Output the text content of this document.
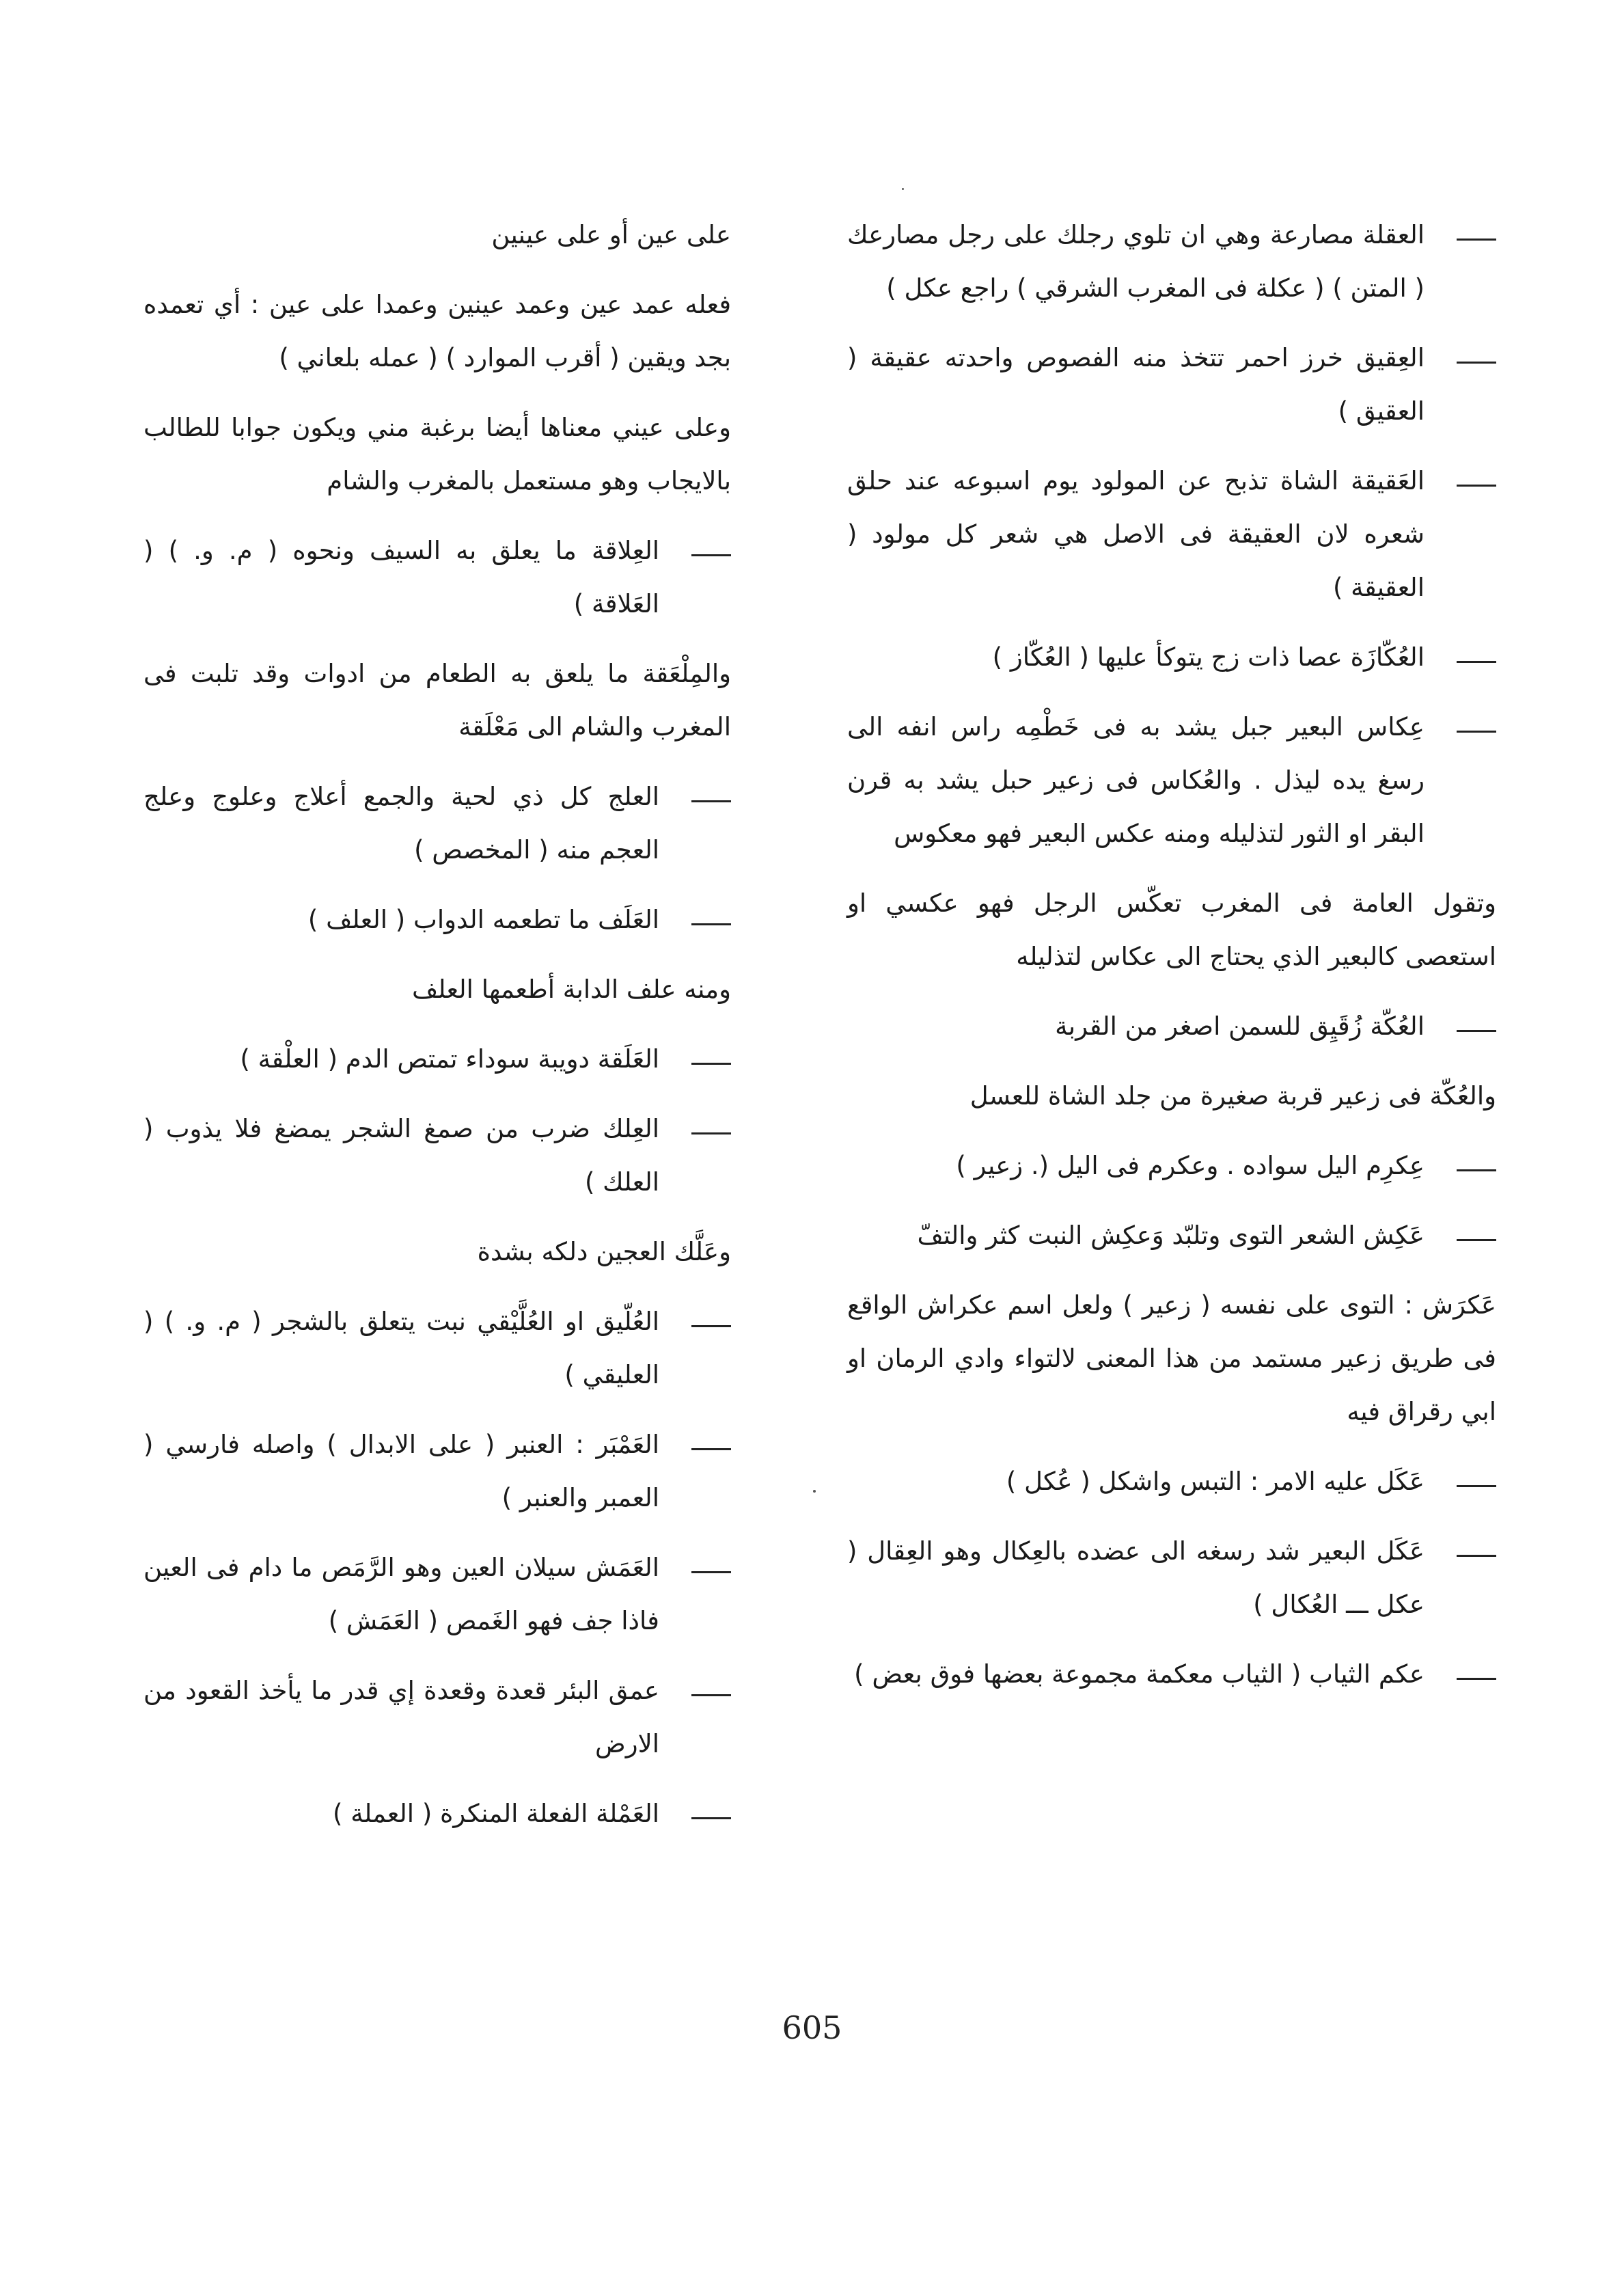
العقلة مصارعة وهي ان تلوي رجلك على رجل مصارعك ( المتن ) ( عكلة فى المغرب الشرقي ) راجع عكل )
العِقيق خرز احمر تتخذ منه الفصوص واحدته عقيقة ( العقيق )
العَقيقة الشاة تذبح عن المولود يوم اسبوعه عند حلق شعره لان العقيقة فى الاصل هي شعر كل مولود ( العقيقة )
العُكّازَة عصا ذات زج يتوكأ عليها ( العُكّاز )
عِكاس البعير جبل يشد به فى خَطْمِه راس انفه الى رسغ يده ليذل . والعُكاس فى زعير حبل يشد به قرن البقر او الثور لتذليله ومنه عكس البعير فهو معكوس
وتقول العامة فى المغرب تعكّس الرجل فهو عكسي او استعصى كالبعير الذي يحتاج الى عكاس لتذليله
العُكّة زُقَيِق للسمن اصغر من القربة
والعُكّة فى زعير قربة صغيرة من جلد الشاة للعسل
عِكرِم اليل سواده . وعكرم فى اليل (. زعير )
عَكِش الشعر التوى وتلبّد وَعكِش النبت كثر والتفّ
عَكرَش : التوى على نفسه ( زعير ) ولعل اسم عكراش الواقع فى طريق زعير مستمد من هذا المعنى لالتواء وادي الرمان او ابي رقراق فيه
عَكَل عليه الامر : التبس واشكل ( عُكل )
عَكَل البعير شد رسغه الى عضده بالعِكال وهو العِقال ( عكل ـــ العُكال )
عكم الثياب ( الثياب معكمة مجموعة بعضها فوق بعض )
على عين أو على عينين
فعله عمد عين وعمد عينين وعمدا على عين : أي تعمده بجد ويقين ( أقرب الموارد ) ( عمله بلعاني )
وعلى عيني معناها أيضا برغبة مني ويكون جوابا للطالب بالايجاب وهو مستعمل بالمغرب والشام
العِلاقة ما يعلق به السيف ونحوه ( م. و. ) ( العَلاقة )
والمِلْعَقة ما يلعق به الطعام من ادوات وقد تلبت فى المغرب والشام الى مَعْلَقة
العلج كل ذي لحية والجمع أعلاج وعلوج وعلج العجم منه ( المخصص )
العَلَف ما تطعمه الدواب ( العلف )
ومنه علف الدابة أطعمها العلف
العَلَقة دويبة سوداء تمتص الدم ( العلْقة )
العِلك ضرب من صمغ الشجر يمضغ فلا يذوب ( العلك )
وعَلَّك العجين دلكه بشدة
العُلّيق او العُلَّيْقي نبت يتعلق بالشجر ( م. و. ) ( العليقي )
العَمْبَر : العنبر ( على الابدال ) واصله فارسي ( العمبر والعنبر )
العَمَش سيلان العين وهو الرَّمَص ما دام فى العين فاذا جف فهو الغَمص ( العَمَش )
عمق البئر قعدة وقعدة إي قدر ما يأخذ القعود من الارض
العَمْلة الفعلة المنكرة ( العملة )
605
